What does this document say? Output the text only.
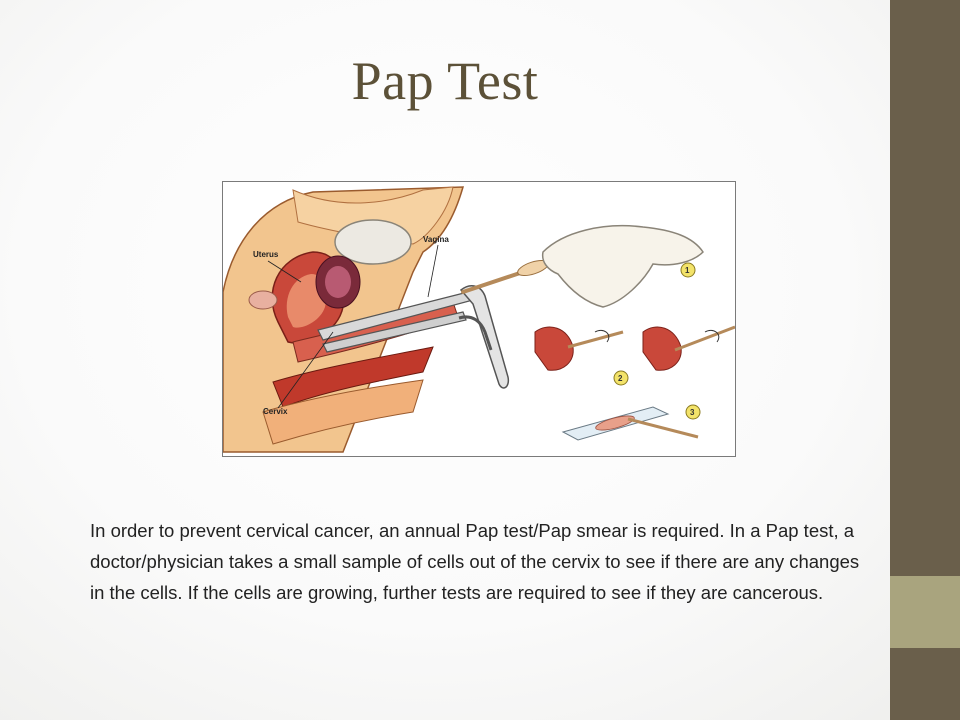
Pap Test
1
2
3
Uterus
Vagina
Cervix
In order to prevent cervical cancer, an annual Pap test/Pap smear is required. In a Pap test, a doctor/physician takes a small sample of cells out of the cervix to see if there are any changes in the cells. If the cells are growing, further tests are required to see if they are cancerous.
